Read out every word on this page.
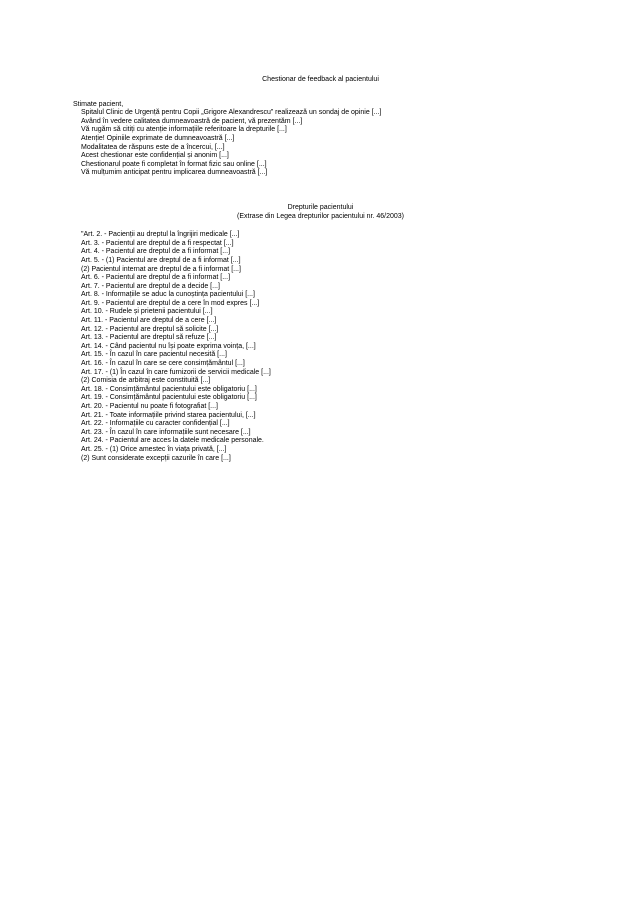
Chestionar de feedback al pacientului

Stimate pacient,

Spitalul Clinic de Urgență pentru Copii „Grigore Alexandrescu” realizează un sondaj de opinie [...]

Având în vedere calitatea dumneavoastră de pacient, vă prezentăm [...]

Vă rugăm să citiți cu atenție informațiile referitoare la drepturile [...]

Atenție! Opiniile exprimate de dumneavoastră [...]

Modalitatea de răspuns este de a încercui, [...]

Acest chestionar este confidențial și anonim [...]

Chestionarul poate fi completat în format fizic sau online [...]

Vă mulțumim anticipat pentru implicarea dumneavoastră [...]

Drepturile pacientului

(Extrase din Legea drepturilor pacientului nr. 46/2003)

"Art. 2. - Pacienții au dreptul la îngrijiri medicale [...]

Art. 3. - Pacientul are dreptul de a fi respectat [...]

Art. 4. - Pacientul are dreptul de a fi informat [...]

Art. 5. - (1) Pacientul are dreptul de a fi informat [...]

(2) Pacientul internat are dreptul de a fi informat [...]

Art. 6. - Pacientul are dreptul de a fi informat [...]

Art. 7. - Pacientul are dreptul de a decide [...]

Art. 8. - Informațiile se aduc la cunoștința pacientului [...]

Art. 9. - Pacientul are dreptul de a cere în mod expres [...]

Art. 10. - Rudele și prietenii pacientului [...]

Art. 11. - Pacientul are dreptul de a cere [...]

Art. 12. - Pacientul are dreptul să solicite [...]

Art. 13. - Pacientul are dreptul să refuze [...]

Art. 14. - Când pacientul nu își poate exprima voința, [...]

Art. 15. - În cazul în care pacientul necesită [...]

Art. 16. - În cazul în care se cere consimțământul [...]

Art. 17. - (1) În cazul în care furnizorii de servicii medicale [...]

(2) Comisia de arbitraj este constituită [...]

Art. 18. - Consimțământul pacientului este obligatoriu [...]

Art. 19. - Consimțământul pacientului este obligatoriu [...]

Art. 20. - Pacientul nu poate fi fotografiat [...]

Art. 21. - Toate informațiile privind starea pacientului, [...]

Art. 22. - Informațiile cu caracter confidențial [...]

Art. 23. - În cazul în care informațiile sunt necesare [...]

Art. 24. - Pacientul are acces la datele medicale personale.

Art. 25. - (1) Orice amestec în viața privată, [...]

(2) Sunt considerate excepții cazurile în care [...]
